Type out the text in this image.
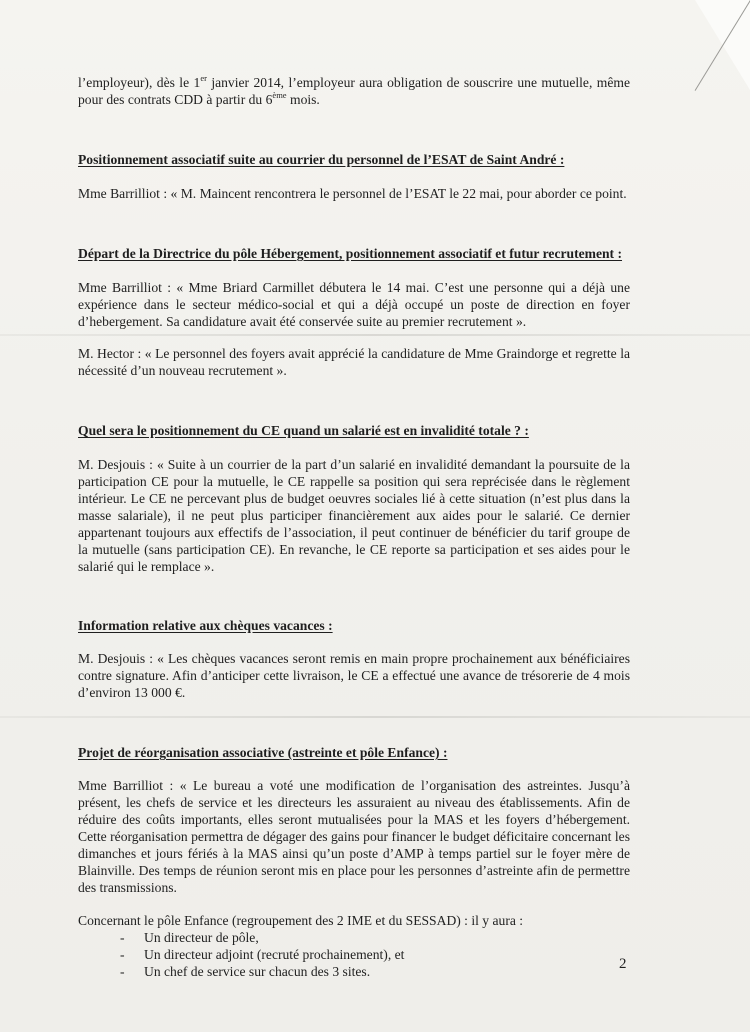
l’employeur), dès le 1er janvier 2014, l’employeur aura obligation de souscrire une mutuelle, même pour des contrats CDD à partir du 6ème mois.

Positionnement associatif suite au courrier du personnel de l’ESAT de Saint André :

Mme Barrilliot : « M. Maincent rencontrera le personnel de l’ESAT le 22 mai, pour aborder ce point.

Départ de la Directrice du pôle Hébergement, positionnement associatif et futur recrutement :

Mme Barrilliot : « Mme Briard Carmillet débutera le 14 mai. C’est une personne qui a déjà une expérience dans le secteur médico-social et qui a déjà occupé un poste de direction en foyer d’hebergement. Sa candidature avait été conservée suite au premier recrutement ».

M. Hector : « Le personnel des foyers avait apprécié la candidature de Mme Graindorge et regrette la nécessité d’un nouveau recrutement ».

Quel sera le positionnement du CE quand un salarié est en invalidité totale ? :

M. Desjouis : « Suite à un courrier de la part d’un salarié en invalidité demandant la poursuite de la participation CE pour la mutuelle, le CE rappelle sa position qui sera reprécisée dans le règlement intérieur. Le CE ne percevant plus de budget oeuvres sociales lié à cette situation (n’est plus dans la masse salariale), il ne peut plus participer financièrement aux aides pour le salarié. Ce dernier appartenant toujours aux effectifs de l’association, il peut continuer de bénéficier du tarif groupe de la mutuelle (sans participation CE). En revanche, le CE reporte sa participation et ses aides pour le salarié qui le remplace ».

Information relative aux chèques vacances :

M. Desjouis : « Les chèques vacances seront remis en main propre prochainement aux bénéficiaires contre signature. Afin d’anticiper cette livraison, le CE a effectué une avance de trésorerie de 4 mois d’environ 13 000 €.

Projet de réorganisation associative (astreinte et pôle Enfance) :

Mme Barrilliot : « Le bureau a voté une modification de l’organisation des astreintes. Jusqu’à présent, les chefs de service et les directeurs les assuraient au niveau des établissements. Afin de réduire des coûts importants, elles seront mutualisées pour la MAS et les foyers d’hébergement. Cette réorganisation permettra de dégager des gains pour financer le budget déficitaire concernant les dimanches et jours fériés à la MAS ainsi qu’un poste d’AMP à temps partiel sur le foyer mère de Blainville. Des temps de réunion seront mis en place pour les personnes d’astreinte afin de permettre des transmissions.

Concernant le pôle Enfance (regroupement des 2 IME et du SESSAD) : il y aura :

- Un directeur de pôle,
- Un directeur adjoint (recruté prochainement), et
- Un chef de service sur chacun des 3 sites.	2
